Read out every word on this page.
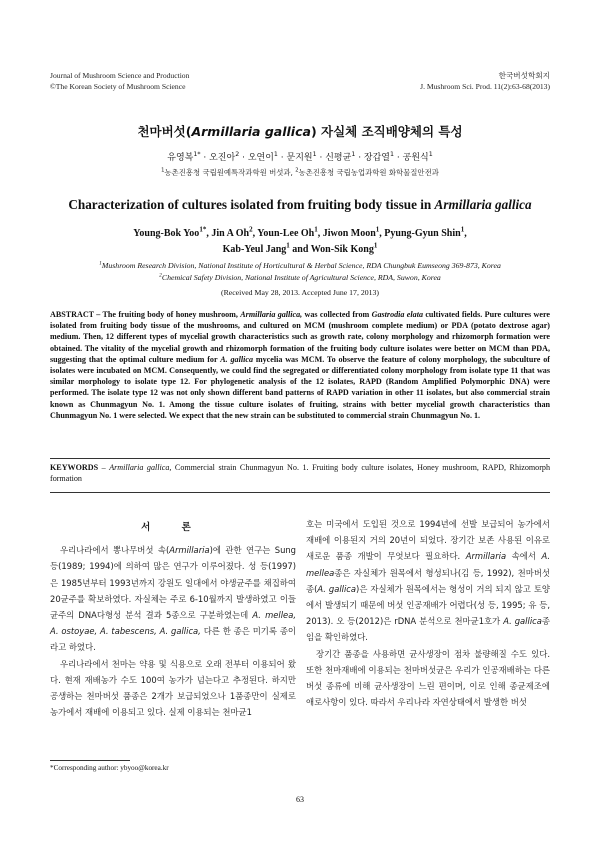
Journal of Mushroom Science and Production
©The Korean Society of Mushroom Science
한국버섯학회지
J. Mushroom Sci. Prod. 11(2):63-68(2013)
천마버섯(Armillaria gallica) 자실체 조직배양체의 특성
유영복$^{1*}$ · 오진아$^2$ · 오연이$^1$ · 문지원$^1$ · 신평균$^1$ · 장갑열$^1$ · 공원식$^1$
$^1$농촌진흥청 국립원예특작과학원 버섯과, $^2$농촌진흥청 국립농업과학원 화학물질안전과
Characterization of cultures isolated from fruiting body tissue in Armillaria gallica
Young-Bok Yoo$^{1*}$, Jin A Oh$^2$, Youn-Lee Oh$^1$, Jiwon Moon$^1$, Pyung-Gyun Shin$^1$,
Kab-Yeul Jang$^1$ and Won-Sik Kong$^1$
$^1$Mushroom Research Division, National Institute of Horticultural & Herbal Science, RDA Chungbuk Eumseong 369-873, Korea
$^2$Chemical Safety Division, National Institute of Agricultural Science, RDA, Suwon, Korea
(Received May 28, 2013. Accepted June 17, 2013)
ABSTRACT – The fruiting body of honey mushroom, Armillaria gallica, was collected from Gastrodia elata cultivated fields. Pure cultures were isolated from fruiting body tissue of the mushrooms, and cultured on MCM (mushroom complete medium) or PDA (potato dextrose agar) medium. Then, 12 different types of mycelial growth characteristics such as growth rate, colony morphology and rhizomorph formation were obtained. The vitality of the mycelial growth and rhizomorph formation of the fruiting body culture isolates were better on MCM than PDA, suggesting that the optimal culture medium for A. gallica mycelia was MCM. To observe the feature of colony morphology, the subculture of isolates were incubated on MCM. Consequently, we could find the segregated or differentiated colony morphology from isolate type 11 that was similar morphology to isolate type 12. For phylogenetic analysis of the 12 isolates, RAPD (Random Amplified Polymorphic DNA) were performed. The isolate type 12 was not only shown different band patterns of RAPD variation in other 11 isolates, but also commercial strain known as Chunmagyun No. 1. Among the tissue culture isolates of fruiting, strains with better mycelial growth characteristics than Chunmagyun No. 1 were selected. We expect that the new strain can be substituted to commercial strain Chunmagyun No. 1.
KEYWORDS – Armillaria gallica, Commercial strain Chunmagyun No. 1. Fruiting body culture isolates, Honey mushroom, RAPD, Rhizomorph formation
서 론

우리나라에서 뽕나무버섯 속(Armillaria)에 관한 연구는 Sung 등(1989; 1994)에 의하여 많은 연구가 이루어졌다. 성 등(1997)은 1985년부터 1993년까지 강원도 일대에서 야생균주를 채집하여 20균주를 확보하였다. 자실체는 주로 6-10월까지 발생하였고 이들 균주의 DNA다형성 분석 결과 5종으로 구분하였는데 A. mellea, A. ostoyae, A. tabescens, A. gallica, 다른 한 종은 미기록 종이라고 하였다.

우리나라에서 천마는 약용 및 식용으로 오래 전부터 이용되어 왔다. 현재 재배농가 수도 100여 농가가 넘는다고 추정된다. 하지만 공생하는 천마버섯 품종은 2개가 보급되었으나 1품종만이 실제로 농가에서 재배에 이용되고 있다. 실제 이용되는 천마균1

호는 미국에서 도입된 것으로 1994년에 선발 보급되어 농가에서 재배에 이용된지 거의 20년이 되었다. 장기간 보존 사용된 이유로 새로운 품종 개발이 무엇보다 필요하다. Armillaria 속에서 A. mellea종은 자실체가 원목에서 형성되나(김 등, 1992), 천마버섯종(A. gallica)은 자실체가 원목에서는 형성이 거의 되지 않고 토양에서 발생되기 때문에 버섯 인공재배가 어렵다(성 등, 1995; 유 등, 2013). 오 등(2012)은 rDNA 분석으로 천마균1호가 A. gallica종임을 확인하였다.

장기간 품종을 사용하면 균사생장이 점차 불량해질 수도 있다. 또한 천마재배에 이용되는 천마버섯균은 우리가 인공재배하는 다른 버섯 종류에 비해 균사생장이 느린 편이며, 이로 인해 종균제조에 애로사항이 있다. 따라서 우리나라 자연상태에서 발생한 버섯

*Corresponding author: ybyoo@korea.kr
63
